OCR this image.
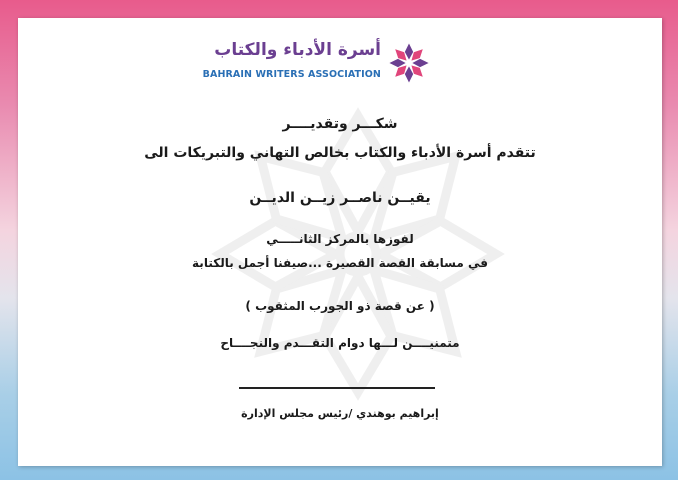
أسرة الأدباء والكتاب
BAHRAIN WRITERS ASSOCIATION
شكـــر وتقديــــر
تتقدم أسرة الأدباء والكتاب بخالص التهاني والتبريكات الى
يقيــن ناصــر زيــن الديــن
لفوزها بالمركز الثانـــــي
في مسابقة القصة القصيرة ...صيفنا أجمل بالكتابة
( عن قصة ذو الجورب المثقوب )
متمنيــــن لـــها دوام التقـــدم والنجــــاح
إبراهيم بوهندي /رئيس مجلس الإدارة
